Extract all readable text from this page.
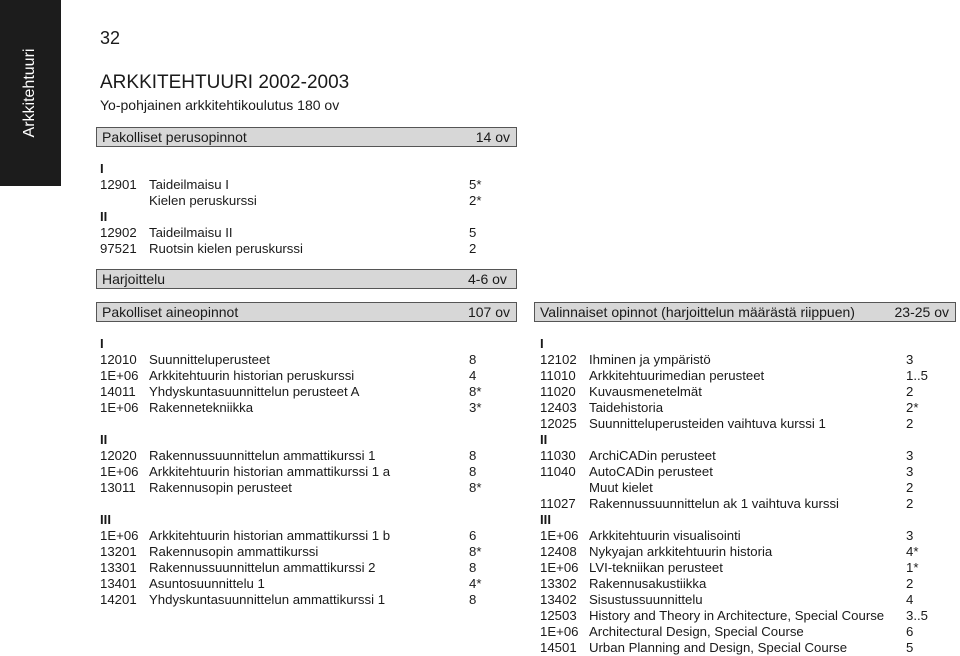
Arkkitehtuuri
32
ARKKITEHTUURI 2002-2003
Yo-pohjainen arkkitehtikoulutus 180 ov
Pakolliset perusopinnot	14 ov
I
12901 Taideilmaisu I	5*
Kielen peruskurssi	2*
II
12902 Taideilmaisu II	5
97521 Ruotsin kielen peruskurssi	2
Harjoittelu	4-6 ov
Pakolliset aineopinnot	107 ov
I
12010 Suunnitteluperusteet	8
1E+06 Arkkitehtuurin historian peruskurssi	4
14011 Yhdyskuntasuunnittelun perusteet A	8*
1E+06 Rakennetekniikka	3*
II
12020 Rakennussuunnittelun ammattikurssi 1	8
1E+06 Arkkitehtuurin historian ammattikurssi 1 a	8
13011 Rakennusopin perusteet	8*
III
1E+06 Arkkitehtuurin historian ammattikurssi 1 b	6
13201 Rakennusopin ammattikurssi	8*
13301 Rakennussuunnittelun ammattikurssi 2	8
13401 Asuntosuunnittelu 1	4*
14201 Yhdyskuntasuunnittelun ammattikurssi 1	8
Valinnaiset opinnot (harjoittelun määrästä riippuen)	23-25 ov
I
12102 Ihminen ja ympäristö	3
11010 Arkkitehtuurimedian perusteet	1..5
11020 Kuvausmenetelmät	2
12403 Taidehistoria	2*
12025 Suunnitteluperusteiden vaihtuva kurssi 1	2
II
11030 ArchiCADin perusteet	3
11040 AutoCADin perusteet	3
Muut kielet	2
11027 Rakennussuunnittelun ak 1 vaihtuva kurssi	2
III
1E+06 Arkkitehtuurin visualisointi	3
12408 Nykyajan arkkitehtuurin historia	4*
1E+06 LVI-tekniikan perusteet	1*
13302 Rakennusakustiikka	2
13402 Sisustussuunnittelu	4
12503 History and Theory in Architecture, Special Course 3..5
1E+06 Architectural Design, Special Course	6
14501 Urban Planning and Design, Special Course	5
